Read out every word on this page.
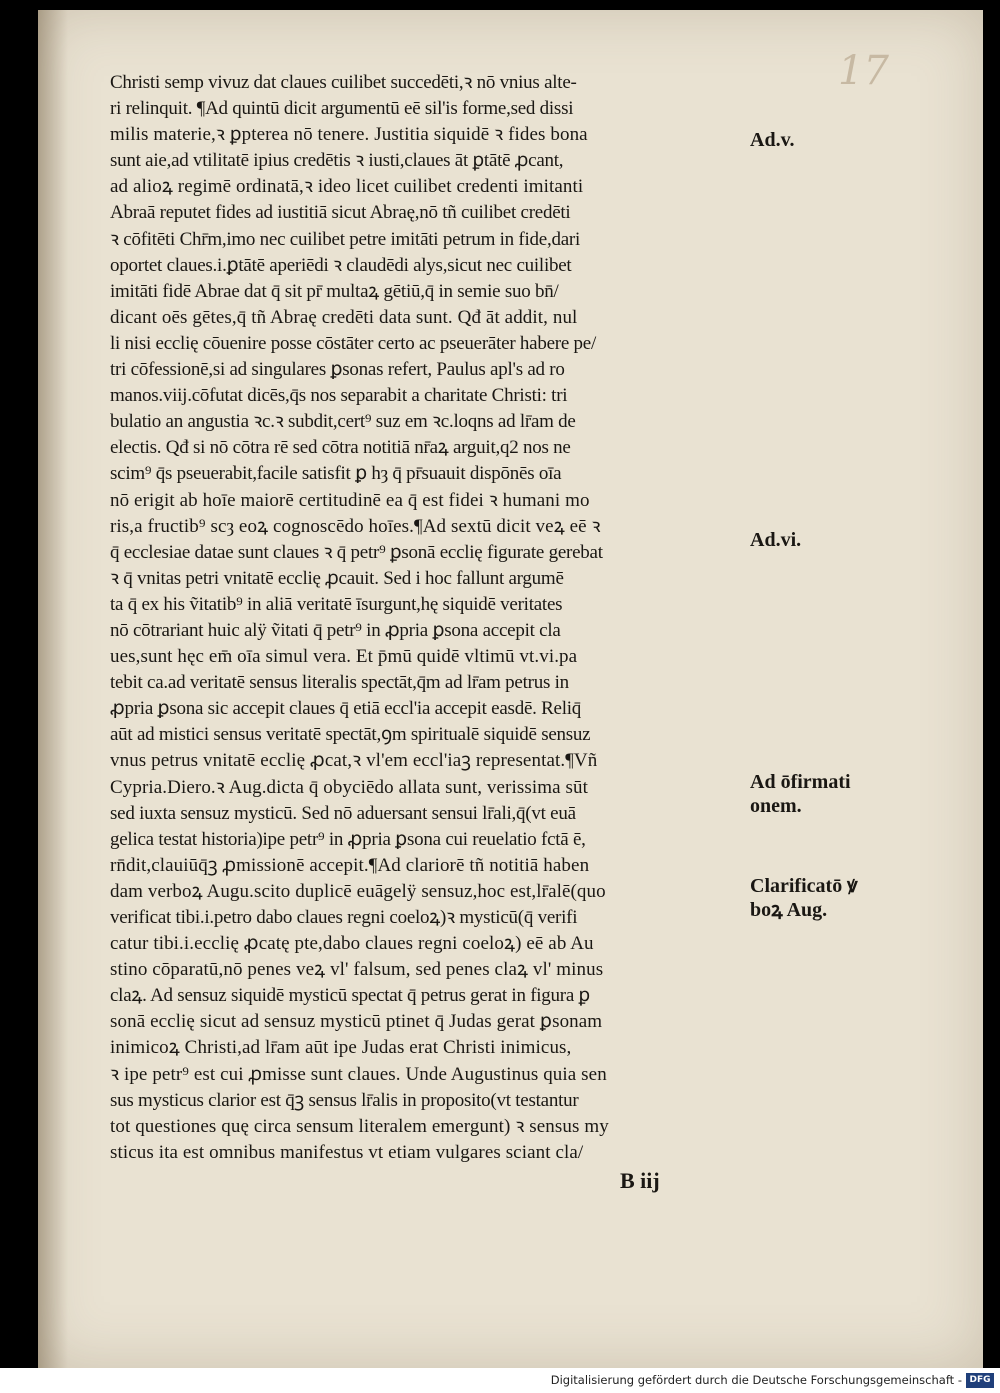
17
Christi semp vivuz dat claues cuilibet succedēti,ꝛ nō vnius alte-
ri relinquit. ¶Ad quintū dicit argumentū eē sil'is forme,sed dissi
milis materie,ꝛ ꝑpterea nō tenere. Justitia siquidē ꝛ fides bona
sunt aie,ad vtilitatē ipius credētis ꝛ iusti,claues āt ꝑtātē ꝓcant,
ad alioꝝ regimē ordinatā,ꝛ ideo licet cuilibet credenti imitanti
Abraā reputet fides ad iustitiā sicut Abraę,nō tñ cuilibet credēti
ꝛ cōfitēti Chr̄m,imo nec cuilibet petre imitāti petrum in fide,dari
oportet claues.i.ꝑtātē aperiēdi ꝛ claudēdi alys,sicut nec cuilibet
imitāti fidē Abrae dat q̄ sit pr̄ multaꝝ gētiū,q̄ in semie suo bn̄/
dicant oēs gētes,q̄ tñ Abraę credēti data sunt. Qđ āt addit, nul
li nisi ecclię cōuenire posse cōstāter certo ac pseuerāter habere pe/
tri cōfessionē,si ad singulares ꝑsonas refert, Paulus apl's ad ro
manos.viij.cōfutat dicēs,q̄s nos separabit a charitate Christi: tri
bulatio an angustia ꝛc.ꝛ subdit,cert⁹ suz em ꝛc.loqns ad lr̄am de
electis. Qđ si nō cōtra rē sed cōtra notitiā nr̄aꝝ arguit,q2 nos ne
scim⁹ q̄s pseuerabit,facile satisfit ꝑ hȝ q̄ pr̄suauit dispōnēs oīa
nō erigit ab hoīe maiorē certitudinē ea q̄ est fidei ꝛ humani mo
ris,a fructib⁹ scȝ eoꝝ cognoscēdo hoīes.¶Ad sextū dicit veꝝ eē ꝛ
q̄ ecclesiae datae sunt claues ꝛ q̄ petr⁹ ꝑsonā ecclię figurate gerebat
ꝛ q̄ vnitas petri vnitatē ecclię ꝓcauit. Sed i hoc fallunt argumē
ta q̄ ex his ṽitatib⁹ in aliā veritatē īsurgunt,hę siquidē veritates
nō cōtrariant huic alÿ ṽitati q̄ petr⁹ in ꝓpria ꝑsona accepit cla
ues,sunt hęc em̄ oīa simul vera. Et p̄mū quidē vltimū vt.vi.pa
tebit ca.ad veritatē sensus literalis spectāt,q̄m ad lr̄am petrus in
ꝓpria ꝑsona sic accepit claues q̄ etiā eccl'ia accepit easdē. Reliq̄
aūt ad mistici sensus veritatē spectāt,ꝯm spiritualē siquidē sensuz
vnus petrus vnitatē ecclię ꝓcat,ꝛ vl'em eccl'iaꝫ representat.¶Vñ
Cypria.Diero.ꝛ Aug.dicta q̄ obyciēdo allata sunt, verissima sūt
sed iuxta sensuz mysticū. Sed nō aduersant sensui lr̄ali,q̄(vt euā
gelica testat historia)ipe petr⁹ in ꝓpria ꝑsona cui reuelatio fctā ē,
rn̄dit,clauiūq̄ꝫ ꝓmissionē accepit.¶Ad clariorē tñ notitiā haben
dam verboꝝ Augu.scito duplicē euāgelÿ sensuz,hoc est,lr̄alē(quo
verificat tibi.i.petro dabo claues regni coeloꝝ)ꝛ mysticū(q̄ verifi
catur tibi.i.ecclię ꝓcatę pte,dabo claues regni coeloꝝ) eē ab Au
stino cōparatū,nō penes veꝝ vl' falsum, sed penes claꝝ vl' minus
claꝝ. Ad sensuz siquidē mysticū spectat q̄ petrus gerat in figura ꝑ
sonā ecclię sicut ad sensuz mysticū ptinet q̄ Judas gerat ꝑsonam
inimicoꝝ Christi,ad lr̄am aūt ipe Judas erat Christi inimicus,
ꝛ ipe petr⁹ est cui ꝓmisse sunt claues. Unde Augustinus quia sen
sus mysticus clarior est q̄ꝫ sensus lr̄alis in proposito(vt testantur
tot questiones quę circa sensum literalem emergunt) ꝛ sensus my
sticus ita est omnibus manifestus vt etiam vulgares sciant cla/
Ad.v.
Ad.vi.
Ad ōfirmati onem.
Clarificatō ꝟ boꝝ Aug.
B iij
Digitalisierung gefördert durch die Deutsche Forschungsgemeinschaft - DFG
